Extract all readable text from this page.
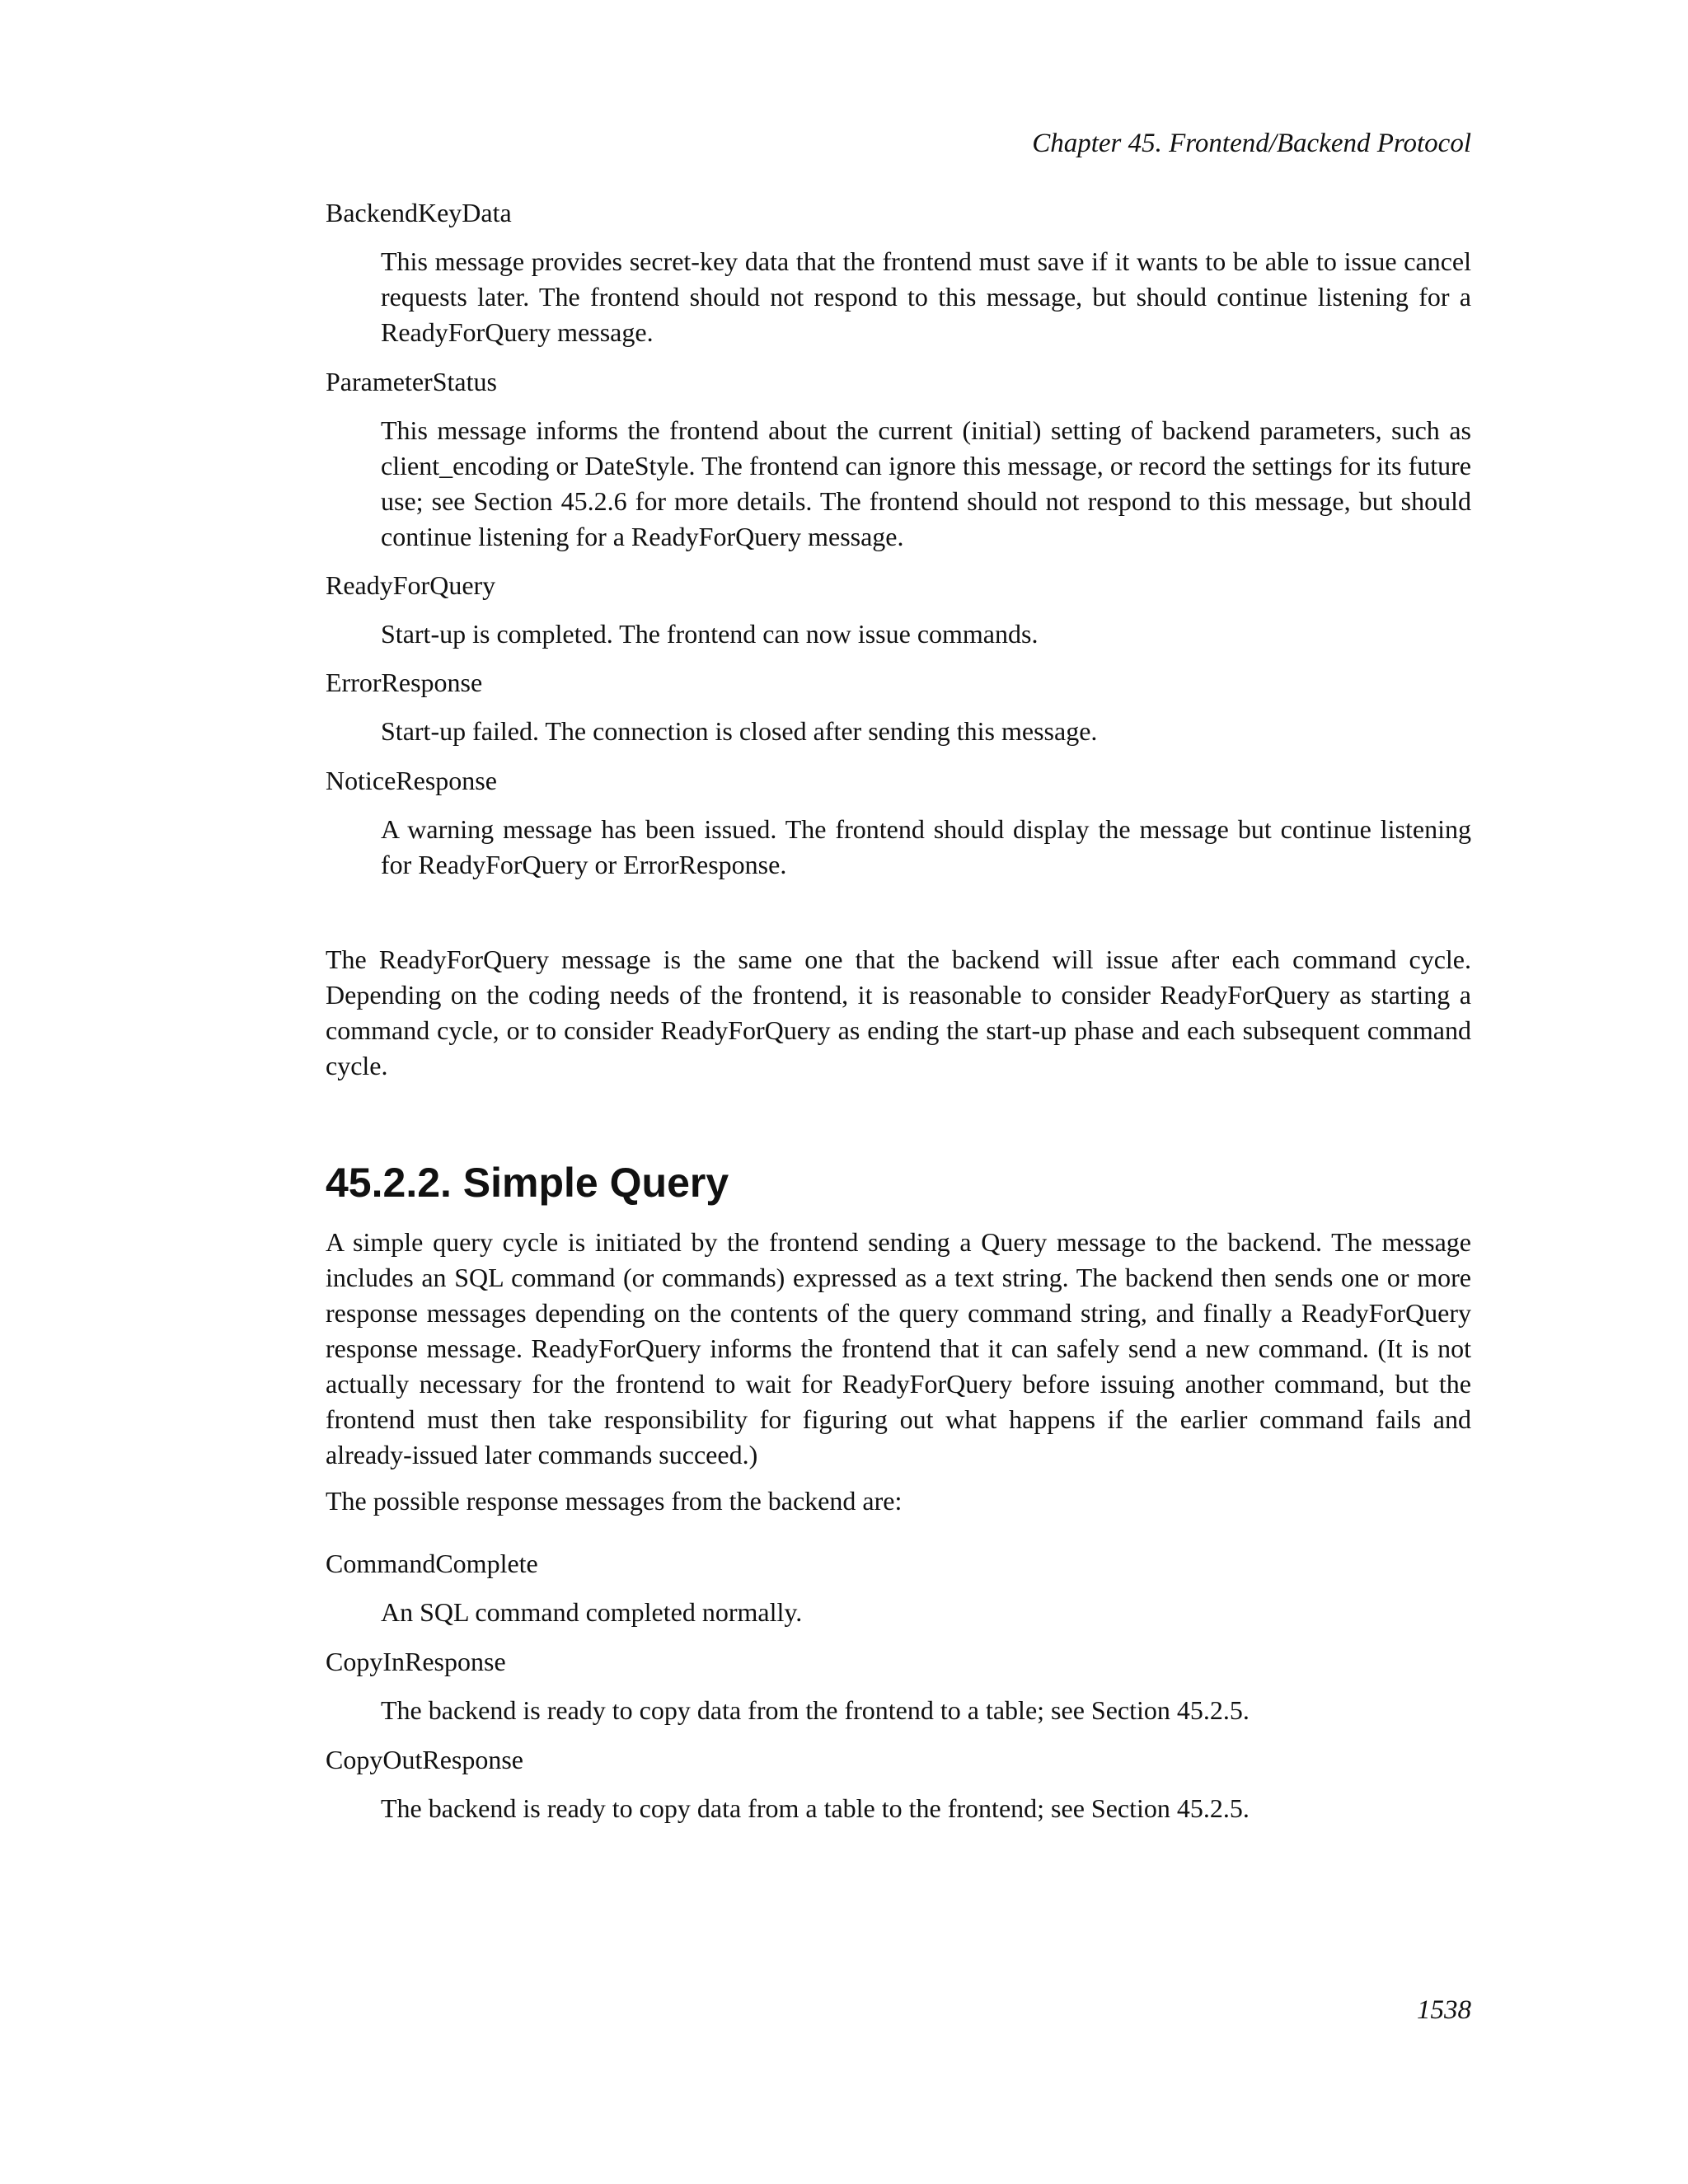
Chapter 45. Frontend/Backend Protocol
BackendKeyData
This message provides secret-key data that the frontend must save if it wants to be able to issue cancel requests later. The frontend should not respond to this message, but should continue listening for a ReadyForQuery message.
ParameterStatus
This message informs the frontend about the current (initial) setting of backend parameters, such as client_encoding or DateStyle. The frontend can ignore this message, or record the settings for its future use; see Section 45.2.6 for more details. The frontend should not respond to this message, but should continue listening for a ReadyForQuery message.
ReadyForQuery
Start-up is completed. The frontend can now issue commands.
ErrorResponse
Start-up failed. The connection is closed after sending this message.
NoticeResponse
A warning message has been issued. The frontend should display the message but continue listening for ReadyForQuery or ErrorResponse.
The ReadyForQuery message is the same one that the backend will issue after each command cycle. Depending on the coding needs of the frontend, it is reasonable to consider ReadyForQuery as starting a command cycle, or to consider ReadyForQuery as ending the start-up phase and each subsequent command cycle.
45.2.2. Simple Query
A simple query cycle is initiated by the frontend sending a Query message to the backend. The message includes an SQL command (or commands) expressed as a text string. The backend then sends one or more response messages depending on the contents of the query command string, and finally a ReadyForQuery response message. ReadyForQuery informs the frontend that it can safely send a new command. (It is not actually necessary for the frontend to wait for ReadyForQuery before issuing another command, but the frontend must then take responsibility for figuring out what happens if the earlier command fails and already-issued later commands succeed.)
The possible response messages from the backend are:
CommandComplete
An SQL command completed normally.
CopyInResponse
The backend is ready to copy data from the frontend to a table; see Section 45.2.5.
CopyOutResponse
The backend is ready to copy data from a table to the frontend; see Section 45.2.5.
1538
